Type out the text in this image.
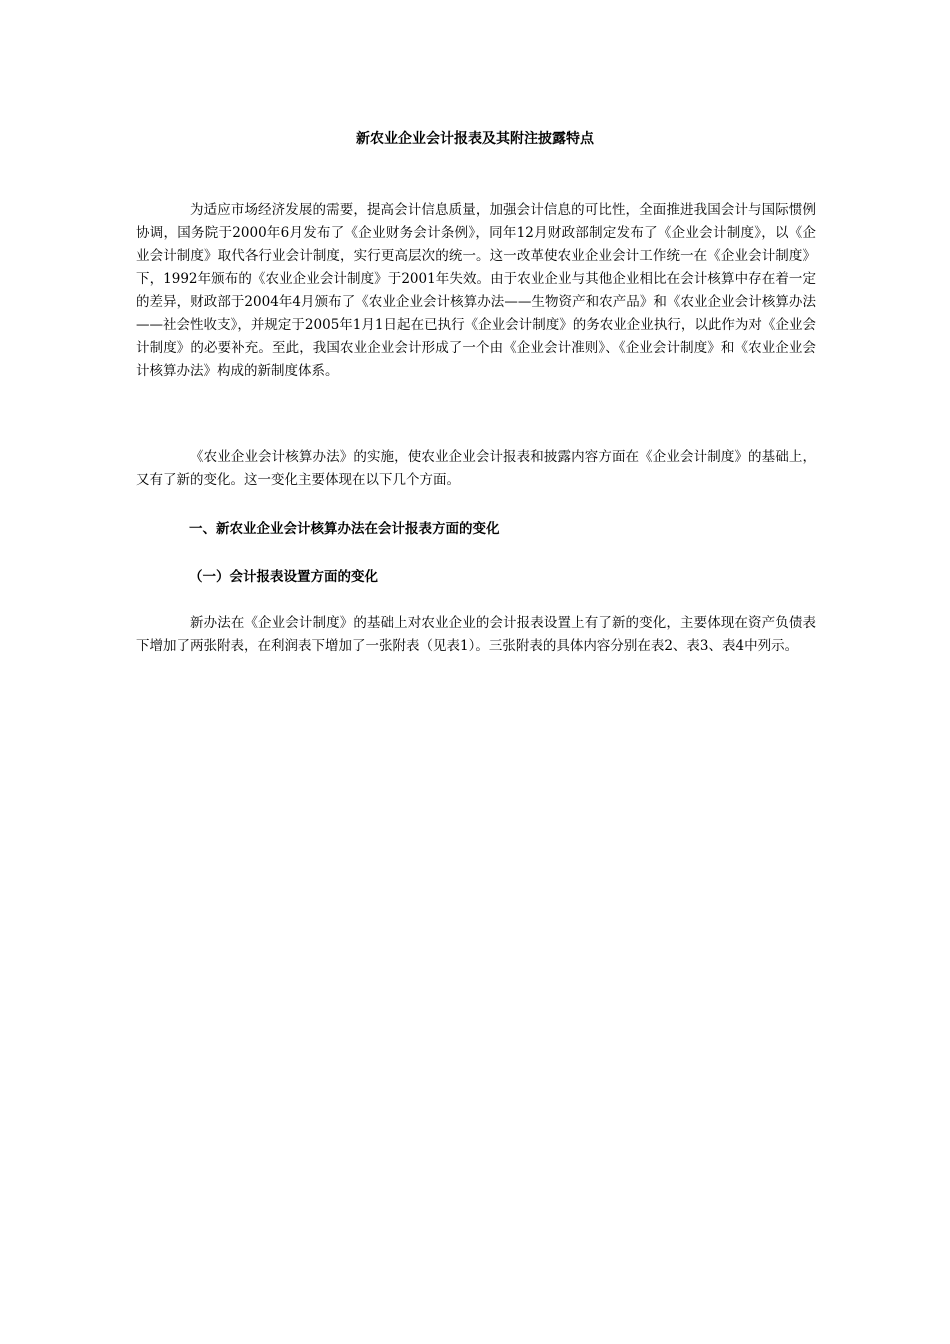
新农业企业会计报表及其附注披露特点

为适应市场经济发展的需要，提高会计信息质量，加强会计信息的可比性，全面推进我国会计与国际惯例协调，国务院于2000年6月发布了《企业财务会计条例》，同年12月财政部制定发布了《企业会计制度》，以《企业会计制度》取代各行业会计制度，实行更高层次的统一。这一改革使农业企业会计工作统一在《企业会计制度》下，1992年颁布的《农业企业会计制度》于2001年失效。由于农业企业与其他企业相比在会计核算中存在着一定的差异，财政部于2004年4月颁布了《农业企业会计核算办法——生物资产和农产品》和《农业企业会计核算办法——社会性收支》，并规定于2005年1月1日起在已执行《企业会计制度》的务农业企业执行，以此作为对《企业会计制度》的必要补充。至此，我国农业企业会计形成了一个由《企业会计准则》、《企业会计制度》和《农业企业会计核算办法》构成的新制度体系。

《农业企业会计核算办法》的实施，使农业企业会计报表和披露内容方面在《企业会计制度》的基础上，又有了新的变化。这一变化主要体现在以下几个方面。

一、新农业企业会计核算办法在会计报表方面的变化
（一）会计报表设置方面的变化

新办法在《企业会计制度》的基础上对农业企业的会计报表设置上有了新的变化，主要体现在资产负债表下增加了两张附表，在利润表下增加了一张附表（见表1）。三张附表的具体内容分别在表2、表3、表4中列示。
